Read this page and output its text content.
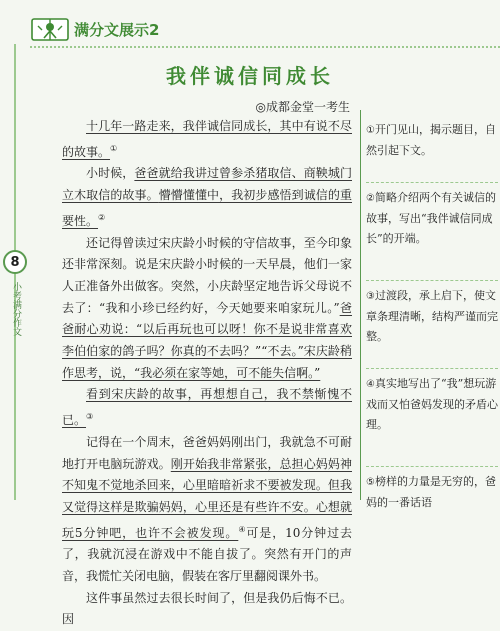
8
小考满分作文
满分文展示2
我伴诚信同成长
◎成都金堂一考生

十几年一路走来，我伴诚信同成长，其中有说不尽的故事。①

小时候，爸爸就给我讲过曾参杀猪取信、商鞅城门立木取信的故事。懵懵懂懂中，我初步感悟到诚信的重要性。②

还记得曾读过宋庆龄小时候的守信故事，至今印象还非常深刻。说是宋庆龄小时候的一天早晨，他们一家人正准备外出做客。突然，小庆龄坚定地告诉父母说不去了：“我和小珍已经约好，今天她要来咱家玩儿。”爸爸耐心劝说：“以后再玩也可以呀！你不是说非常喜欢李伯伯家的鸽子吗？你真的不去吗？”“不去。”宋庆龄稍作思考，说，“我必须在家等她，可不能失信啊。”

看到宋庆龄的故事，再想想自己，我不禁惭愧不已。③

记得在一个周末，爸爸妈妈刚出门，我就急不可耐地打开电脑玩游戏。刚开始我非常紧张，总担心妈妈神不知鬼不觉地杀回来，心里暗暗祈求不要被发现。但我又觉得这样是欺骗妈妈，心里还是有些许不安。心想就玩5分钟吧，也许不会被发现。④可是，10分钟过去了，我就沉浸在游戏中不能自拔了。突然有开门的声音，我慌忙关闭电脑，假装在客厅里翻阅课外书。

这件事虽然过去很长时间了，但是我仍后悔不已。因

①开门见山，揭示题目，自然引起下文。
②简略介绍两个有关诚信的故事，写出“我伴诚信同成长”的开端。
③过渡段，承上启下，使文章条理清晰，结构严谨而完整。
④真实地写出了“我”想玩游戏而又怕爸妈发现的矛盾心理。
⑤榜样的力量是无穷的，爸妈的一番话语
